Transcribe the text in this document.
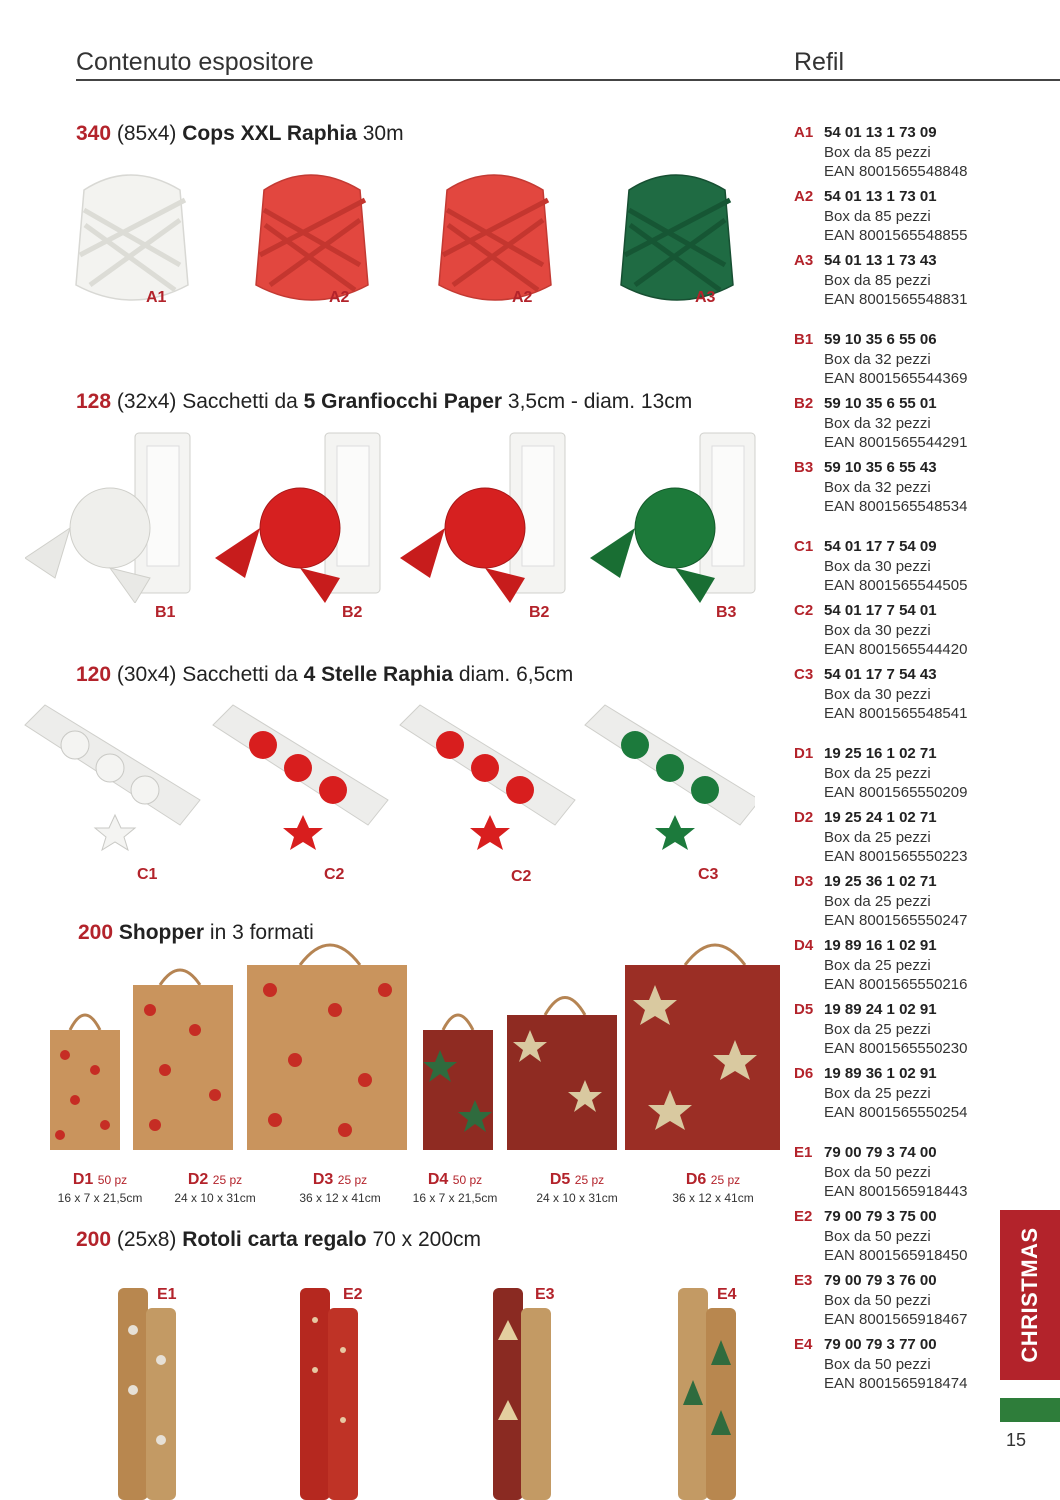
Contenuto espositore	Refil
340 (85x4) Cops XXL Raphia 30m
128 (32x4) Sacchetti da 5 Granfiocchi Paper 3,5cm - diam. 13cm
120 (30x4) Sacchetti da 4 Stelle Raphia diam. 6,5cm
200 Shopper in 3 formati
200 (25x8) Rotoli carta regalo 70 x 200cm
A1	A2	A2	A3
B1	B2	B2	B3
C1	C2	C2	C3
D1 50 pz
16 x 7 x 21,5cm
D2 25 pz
24 x 10 x 31cm
D3 25 pz
36 x 12 x 41cm
D4 50 pz
16 x 7 x 21,5cm
D5 25 pz
24 x 10 x 31cm
D6 25 pz
36 x 12 x 41cm
E1	E2	E3	E4
A1 54 01 13 1 73 09
Box da 85 pezzi
EAN 8001565548848
A2 54 01 13 1 73 01
Box da 85 pezzi
EAN 8001565548855
A3 54 01 13 1 73 43
Box da 85 pezzi
EAN 8001565548831
B1 59 10 35 6 55 06
Box da 32 pezzi
EAN 8001565544369
B2 59 10 35 6 55 01
Box da 32 pezzi
EAN 8001565544291
B3 59 10 35 6 55 43
Box da 32 pezzi
EAN 8001565548534
C1 54 01 17 7 54 09
Box da 30 pezzi
EAN 8001565544505
C2 54 01 17 7 54 01
Box da 30 pezzi
EAN 8001565544420
C3 54 01 17 7 54 43
Box da 30 pezzi
EAN 8001565548541
D1 19 25 16 1 02 71
Box da 25 pezzi
EAN 8001565550209
D2 19 25 24 1 02 71
Box da 25 pezzi
EAN 8001565550223
D3 19 25 36 1 02 71
Box da 25 pezzi
EAN 8001565550247
D4 19 89 16 1 02 91
Box da 25 pezzi
EAN 8001565550216
D5 19 89 24 1 02 91
Box da 25 pezzi
EAN 8001565550230
D6 19 89 36 1 02 91
Box da 25 pezzi
EAN 8001565550254
E1 79 00 79 3 74 00
Box da 50 pezzi
EAN 8001565918443
E2 79 00 79 3 75 00
Box da 50 pezzi
EAN 8001565918450
E3 79 00 79 3 76 00
Box da 50 pezzi
EAN 8001565918467
E4 79 00 79 3 77 00
Box da 50 pezzi
EAN 8001565918474
CHRISTMAS
15
